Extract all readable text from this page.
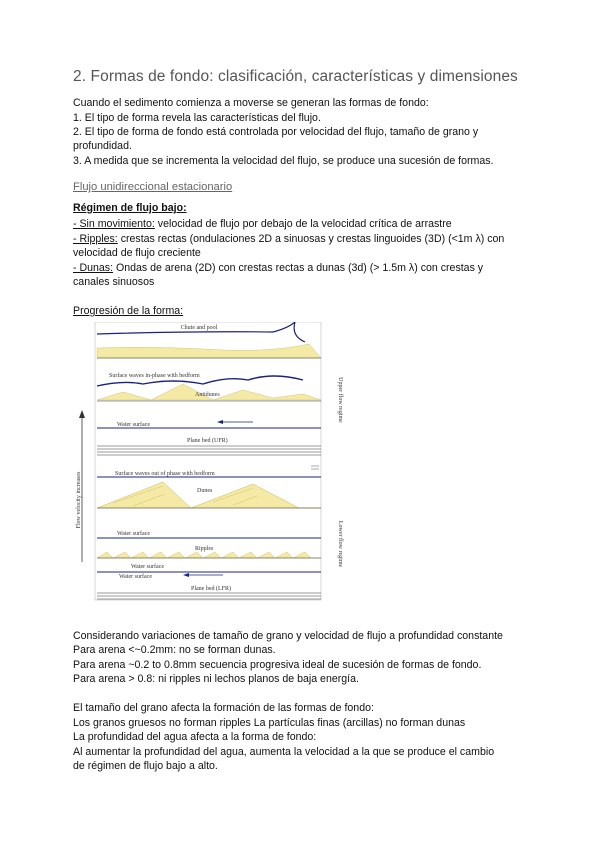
2. Formas de fondo: clasificación, características y dimensiones

Cuando el sedimento comienza a moverse se generan las formas de fondo:

1. El tipo de forma revela las características del flujo.

2. El tipo de forma de fondo está controlada por velocidad del flujo, tamaño de grano y

profundidad.

3. A medida que se incrementa la velocidad del flujo, se produce una sucesión de formas.

Flujo unidireccional estacionario

Régimen de flujo bajo:

- Sin movimiento: velocidad de flujo por debajo de la velocidad crítica de arrastre

- Ripples: crestas rectas (ondulaciones 2D a sinuosas y crestas linguoides (3D) (<1m λ) con

velocidad de flujo creciente

- Dunas: Ondas de arena (2D) con crestas rectas a dunas (3d) (> 1.5m λ) con crestas y

canales sinuosos

Progresión de la forma:

Flow velocity increases
Upper flow regime
Lower flow regime
Chute and pool
Surface waves in-phase with bedform
Antidunes
Water surface
Plane bed (UFR)
Surface waves out of phase with bedform
Dunes
Water surface
Ripples
Water surface
Water surface
Plane bed (LFR)

Considerando variaciones de tamaño de grano y velocidad de flujo a profundidad constante

Para arena <~0.2mm: no se forman dunas.

Para arena ~0.2 to 0.8mm secuencia progresiva ideal de sucesión de formas de fondo.

Para arena > 0.8: ni ripples ni lechos planos de baja energía.

El tamaño del grano afecta la formación de las formas de fondo:

Los granos gruesos no forman ripples La partículas finas (arcillas) no forman dunas

La profundidad del agua afecta a la forma de fondo:

Al aumentar la profundidad del agua, aumenta la velocidad a la que se produce el cambio

de régimen de flujo bajo a alto.
